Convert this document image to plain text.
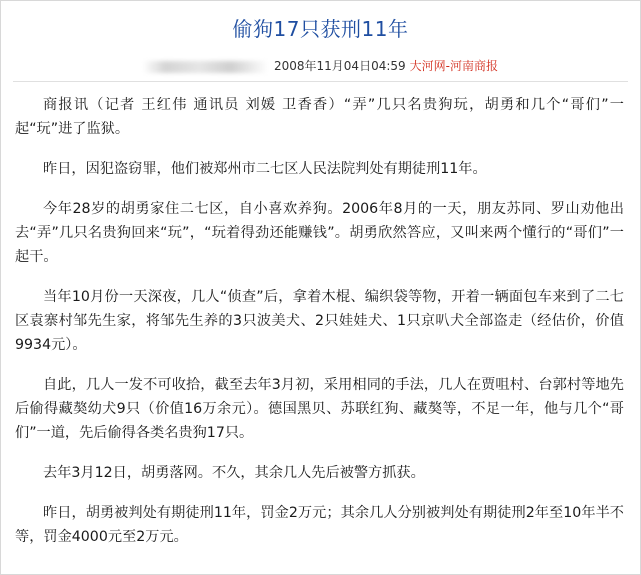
偷狗17只获刑11年
2008年11月04日04:59 大河网-河南商报

商报讯（记者 王红伟 通讯员 刘媛 卫香香）“弄”几只名贵狗玩，胡勇和几个“哥们”一起“玩”进了监狱。

昨日，因犯盗窃罪，他们被郑州市二七区人民法院判处有期徒刑11年。

今年28岁的胡勇家住二七区，自小喜欢养狗。2006年8月的一天，朋友苏同、罗山劝他出去“弄”几只名贵狗回来“玩”，“玩着得劲还能赚钱”。胡勇欣然答应，又叫来两个懂行的“哥们”一起干。

当年10月份一天深夜，几人“侦查”后，拿着木棍、编织袋等物，开着一辆面包车来到了二七区袁寨村邹先生家，将邹先生养的3只波美犬、2只娃娃犬、1只京叭犬全部盗走（经估价，价值9934元）。

自此，几人一发不可收拾，截至去年3月初，采用相同的手法，几人在贾咀村、台郭村等地先后偷得藏獒幼犬9只（价值16万余元）。德国黑贝、苏联红狗、藏獒等，不足一年，他与几个“哥们”一道，先后偷得各类名贵狗17只。

去年3月12日，胡勇落网。不久，其余几人先后被警方抓获。

昨日，胡勇被判处有期徒刑11年，罚金2万元；其余几人分别被判处有期徒刑2年至10年半不等，罚金4000元至2万元。
